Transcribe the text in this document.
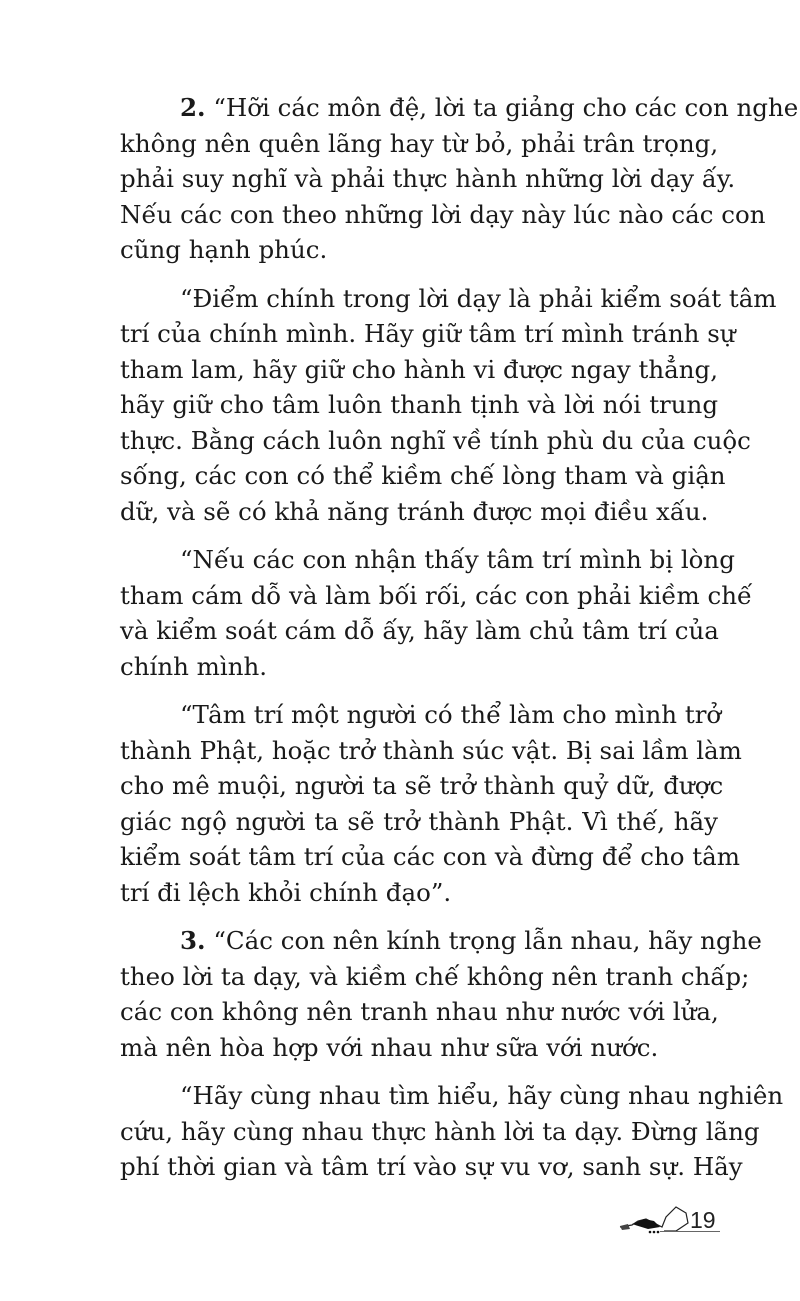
2. “Hỡi các môn đệ, lời ta giảng cho các con nghe
không nên quên lãng hay từ bỏ, phải trân trọng,
phải suy nghĩ và phải thực hành những lời dạy ấy.
Nếu các con theo những lời dạy này lúc nào các con
cũng hạnh phúc.
“Điểm chính trong lời dạy là phải kiểm soát tâm
trí của chính mình. Hãy giữ tâm trí mình tránh sự
tham lam, hãy giữ cho hành vi được ngay thẳng,
hãy giữ cho tâm luôn thanh tịnh và lời nói trung
thực. Bằng cách luôn nghĩ về tính phù du của cuộc
sống, các con có thể kiềm chế lòng tham và giận
dữ, và sẽ có khả năng tránh được mọi điều xấu.
“Nếu các con nhận thấy tâm trí mình bị lòng
tham cám dỗ và làm bối rối, các con phải kiềm chế
và kiểm soát cám dỗ ấy, hãy làm chủ tâm trí của
chính mình.
“Tâm trí một người có thể làm cho mình trở
thành Phật, hoặc trở thành súc vật. Bị sai lầm làm
cho mê muội, người ta sẽ trở thành quỷ dữ, được
giác ngộ người ta sẽ trở thành Phật. Vì thế, hãy
kiểm soát tâm trí của các con và đừng để cho tâm
trí đi lệch khỏi chính đạo”.
3. “Các con nên kính trọng lẫn nhau, hãy nghe
theo lời ta dạy, và kiềm chế không nên tranh chấp;
các con không nên tranh nhau như nước với lửa,
mà nên hòa hợp với nhau như sữa với nước.
“Hãy cùng nhau tìm hiểu, hãy cùng nhau nghiên
cứu, hãy cùng nhau thực hành lời ta dạy. Đừng lãng
phí thời gian và tâm trí vào sự vu vơ, sanh sự. Hãy
19
